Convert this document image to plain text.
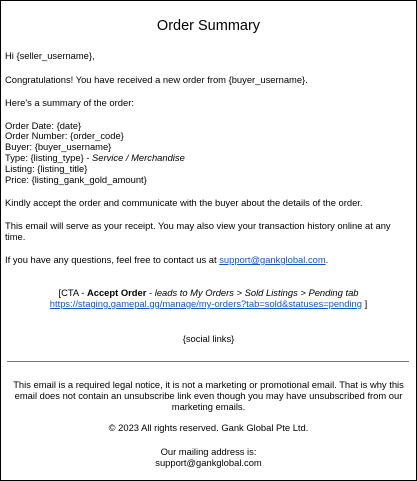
Order Summary
Hi {seller_username},
Congratulations! You have received a new order from {buyer_username}.
Here's a summary of the order:
Order Date: {date}
Order Number: {order_code}
Buyer: {buyer_username}
Type: {listing_type} - Service / Merchandise
Listing: {listing_title}
Price: {listing_gank_gold_amount}
Kindly accept the order and communicate with the buyer about the details of the order.
This email will serve as your receipt. You may also view your transaction history online at any time.
If you have any questions, feel free to contact us at support@gankglobal.com.
[CTA - Accept Order - leads to My Orders > Sold Listings > Pending tab
https://staging.gamepal.gg/manage/my-orders?tab=sold&statuses=pending ]
{social links}
This email is a required legal notice, it is not a marketing or promotional email. That is why this email does not contain an unsubscribe link even though you may have unsubscribed from our marketing emails.
© 2023 All rights reserved. Gank Global Pte Ltd.
Our mailing address is:
support@gankglobal.com
